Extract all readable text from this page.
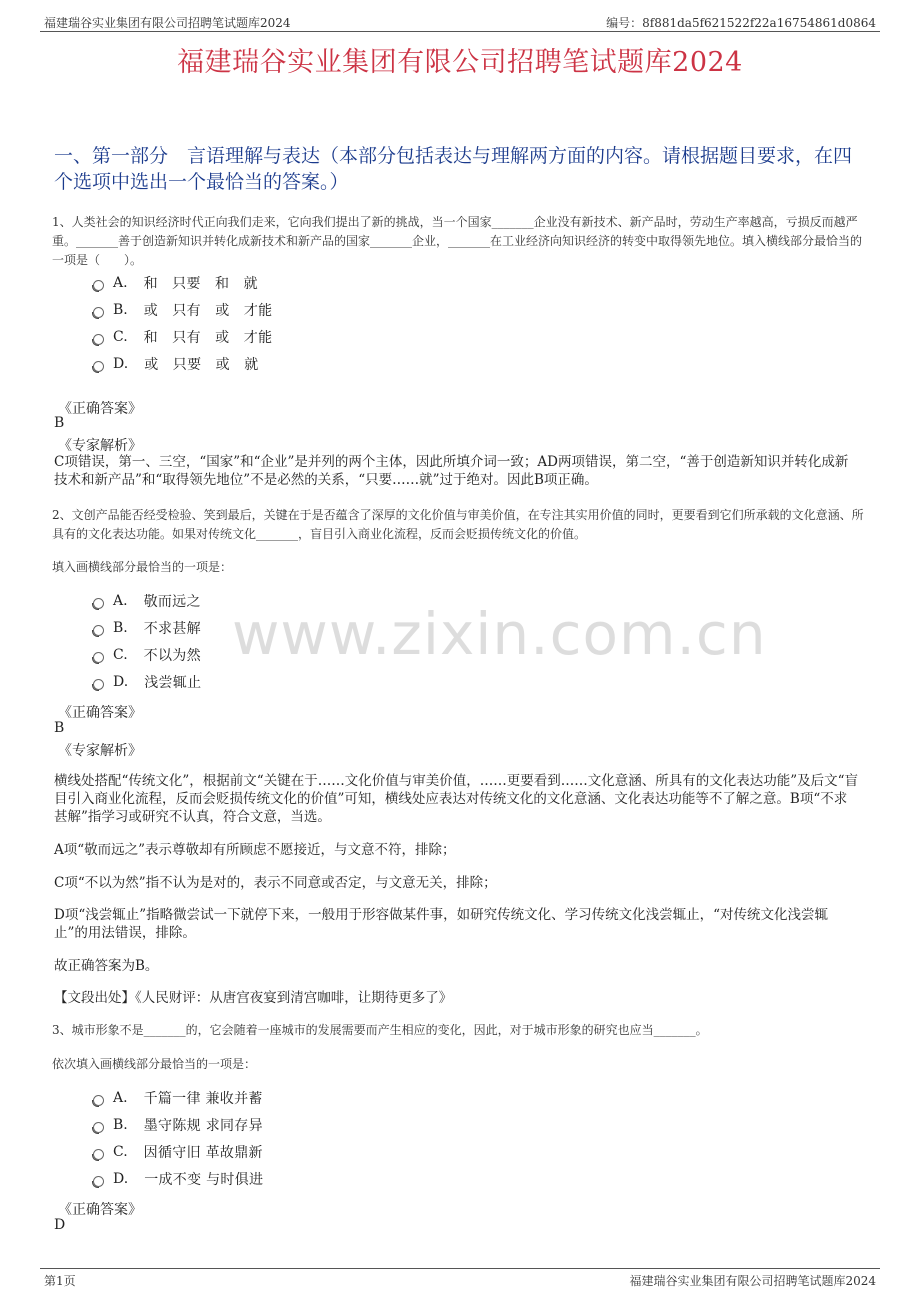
福建瑞谷实业集团有限公司招聘笔试题库2024	编号：8f881da5f621522f22a16754861d0864
福建瑞谷实业集团有限公司招聘笔试题库2024
一、第一部分　言语理解与表达（本部分包括表达与理解两方面的内容。请根据题目要求，在四个选项中选出一个最恰当的答案。）
1、人类社会的知识经济时代正向我们走来，它向我们提出了新的挑战，当一个国家_______企业没有新技术、新产品时，劳动生产率越高，亏损反而越严重。_______善于创造新知识并转化成新技术和新产品的国家_______企业，_______在工业经济向知识经济的转变中取得领先地位。填入横线部分最恰当的一项是（　　）。
A. 和　只要　和　就
B. 或　只有　或　才能
C. 和　只有　或　才能
D. 或　只要　或　就
《正确答案》
B
《专家解析》
C项错误，第一、三空，“国家”和“企业”是并列的两个主体，因此所填介词一致；AD两项错误，第二空，“善于创造新知识并转化成新技术和新产品”和“取得领先地位”不是必然的关系，“只要……就”过于绝对。因此B项正确。
2、文创产品能否经受检验、笑到最后，关键在于是否蕴含了深厚的文化价值与审美价值，在专注其实用价值的同时，更要看到它们所承载的文化意涵、所具有的文化表达功能。如果对传统文化_______，盲目引入商业化流程，反而会贬损传统文化的价值。
填入画横线部分最恰当的一项是：
A. 敬而远之
B. 不求甚解
C. 不以为然
D. 浅尝辄止
www.zixin.com.cn
《正确答案》
B
《专家解析》
横线处搭配“传统文化”，根据前文“关键在于……文化价值与审美价值，……更要看到……文化意涵、所具有的文化表达功能”及后文“盲目引入商业化流程，反而会贬损传统文化的价值”可知，横线处应表达对传统文化的文化意涵、文化表达功能等不了解之意。B项“不求甚解”指学习或研究不认真，符合文意，当选。
A项“敬而远之”表示尊敬却有所顾虑不愿接近，与文意不符，排除；
C项“不以为然”指不认为是对的，表示不同意或否定，与文意无关，排除；
D项“浅尝辄止”指略微尝试一下就停下来，一般用于形容做某件事，如研究传统文化、学习传统文化浅尝辄止，“对传统文化浅尝辄止”的用法错误，排除。
故正确答案为B。
【文段出处】《人民财评：从唐宫夜宴到清宫咖啡，让期待更多了》
3、城市形象不是_______的，它会随着一座城市的发展需要而产生相应的变化，因此，对于城市形象的研究也应当_______。
依次填入画横线部分最恰当的一项是：
A. 千篇一律 兼收并蓄
B. 墨守陈规 求同存异
C. 因循守旧 革故鼎新
D. 一成不变 与时俱进
《正确答案》
D
第1页	福建瑞谷实业集团有限公司招聘笔试题库2024
